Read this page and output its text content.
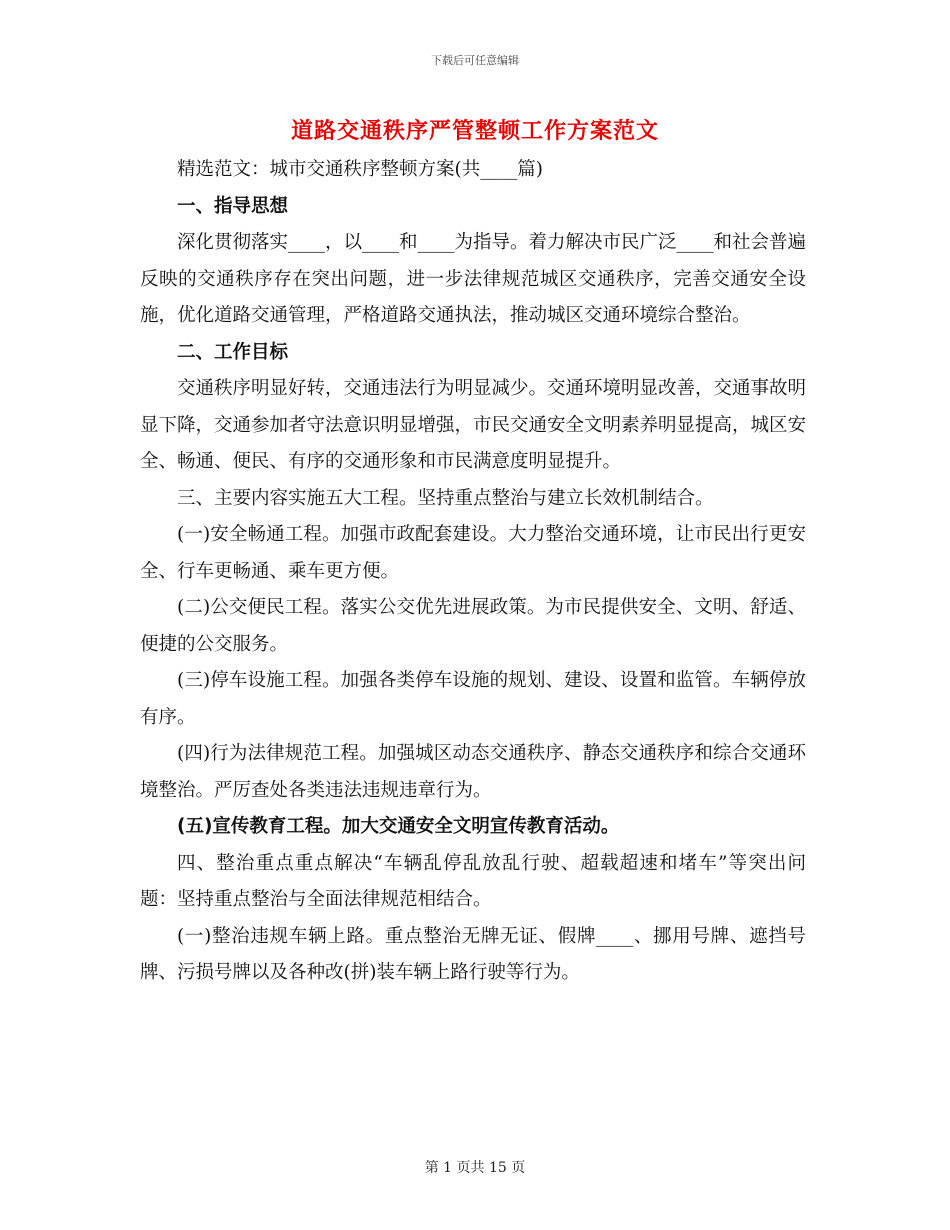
下载后可任意编辑
道路交通秩序严管整顿工作方案范文

精选范文：城市交通秩序整顿方案(共____篇)

一、指导思想

深化贯彻落实____，以____和____为指导。着力解决市民广泛____和社会普遍反映的交通秩序存在突出问题，进一步法律规范城区交通秩序，完善交通安全设施，优化道路交通管理，严格道路交通执法，推动城区交通环境综合整治。

二、工作目标

交通秩序明显好转，交通违法行为明显减少。交通环境明显改善，交通事故明显下降，交通参加者守法意识明显增强，市民交通安全文明素养明显提高，城区安全、畅通、便民、有序的交通形象和市民满意度明显提升。

三、主要内容实施五大工程。坚持重点整治与建立长效机制结合。

(一)安全畅通工程。加强市政配套建设。大力整治交通环境，让市民出行更安全、行车更畅通、乘车更方便。

(二)公交便民工程。落实公交优先进展政策。为市民提供安全、文明、舒适、便捷的公交服务。

(三)停车设施工程。加强各类停车设施的规划、建设、设置和监管。车辆停放有序。

(四)行为法律规范工程。加强城区动态交通秩序、静态交通秩序和综合交通环境整治。严厉查处各类违法违规违章行为。

(五)宣传教育工程。加大交通安全文明宣传教育活动。

四、整治重点重点解决“车辆乱停乱放乱行驶、超载超速和堵车”等突出问题：坚持重点整治与全面法律规范相结合。

(一)整治违规车辆上路。重点整治无牌无证、假牌____、挪用号牌、遮挡号牌、污损号牌以及各种改(拼)装车辆上路行驶等行为。

第 1 页共 15 页
